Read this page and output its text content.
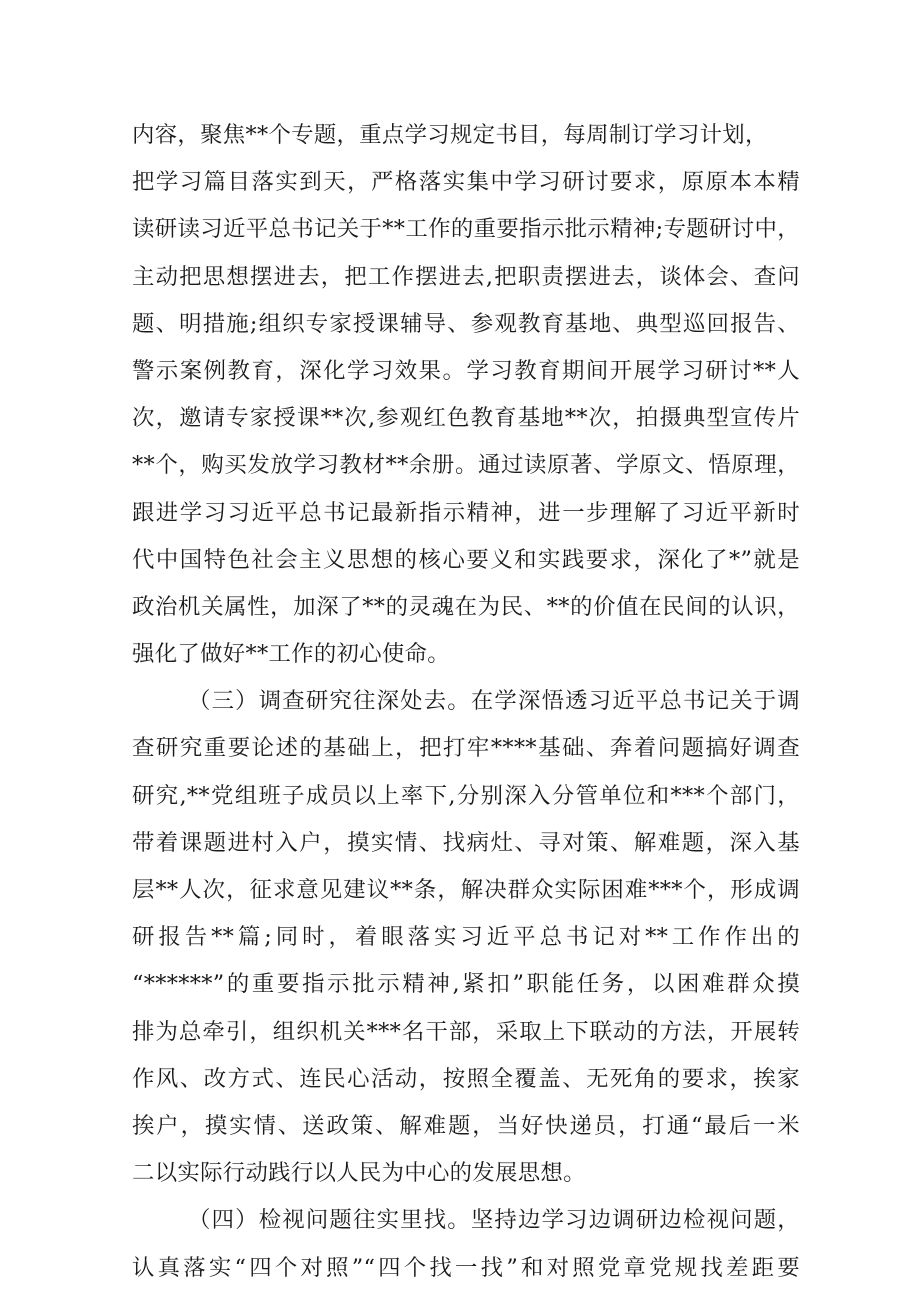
内容，聚焦**个专题，重点学习规定书目，每周制订学习计划，
把学习篇目落实到天，严格落实集中学习研讨要求，原原本本精
读研读习近平总书记关于**工作的重要指示批示精神;专题研讨中，
主动把思想摆进去，把工作摆进去,把职责摆进去，谈体会、查问
题、明措施;组织专家授课辅导、参观教育基地、典型巡回报告、
警示案例教育，深化学习效果。学习教育期间开展学习研讨**人
次，邀请专家授课**次,参观红色教育基地**次，拍摄典型宣传片
**个，购买发放学习教材**余册。通过读原著、学原文、悟原理，
跟进学习习近平总书记最新指示精神，进一步理解了习近平新时
代中国特色社会主义思想的核心要义和实践要求，深化了*”就是
政治机关属性，加深了**的灵魂在为民、**的价值在民间的认识，
强化了做好**工作的初心使命。
（三）调查研究往深处去。在学深悟透习近平总书记关于调
查研究重要论述的基础上，把打牢****基础、奔着问题搞好调查
研究,**党组班子成员以上率下,分别深入分管单位和***个部门，
带着课题进村入户，摸实情、找病灶、寻对策、解难题，深入基
层**人次，征求意见建议**条，解决群众实际困难***个，形成调
研报告**篇;同时，着眼落实习近平总书记对**工作作出的
“******”的重要指示批示精神,紧扣”职能任务，以困难群众摸
排为总牵引，组织机关***名干部，采取上下联动的方法，开展转
作风、改方式、连民心活动，按照全覆盖、无死角的要求，挨家
挨户，摸实情、送政策、解难题，当好快递员，打通“最后一米
二以实际行动践行以人民为中心的发展思想。
（四）检视问题往实里找。坚持边学习边调研边检视问题，
认真落实“四个对照”“四个找一找”和对照党章党规找差距要
